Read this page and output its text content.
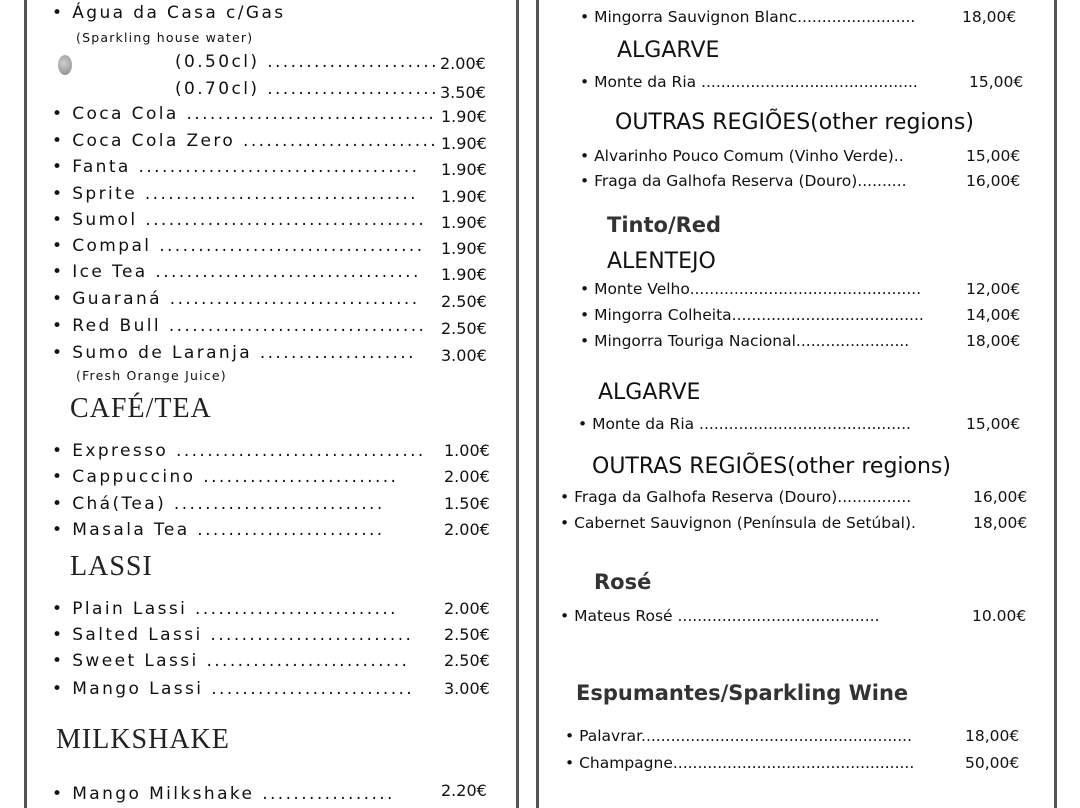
• Água da Casa c/Gas
(Sparkling house water)
(0.50cl) ...................... 2.00€
(0.70cl) ...................... 3.50€
• Coca Cola ................................ 1.90€
• Coca Cola Zero ......................... 1.90€
• Fanta .................................... 1.90€
• Sprite ................................... 1.90€
• Sumol .................................... 1.90€
• Compal .................................. 1.90€
• Ice Tea .................................. 1.90€
• Guaraná ................................ 2.50€
• Red Bull ................................. 2.50€
• Sumo de Laranja .................... 3.00€
(Fresh Orange Juice)
CAFÉ/TEA
• Expresso ................................ 1.00€
• Cappuccino .........................	2.00€
• Chá(Tea) ...........................	1.50€
• Masala Tea ........................	2.00€
LASSI
• Plain Lassi ..........................	2.00€
• Salted Lassi .......................... 2.50€
• Sweet Lassi .......................... 2.50€
• Mango Lassi .......................... 3.00€
MILKSHAKE
• Mango Milkshake .................	2.20€
• Mingorra Sauvignon Blanc........................	18,00€
ALGARVE
• Monte da Ria ............................................	15,00€
OUTRAS REGIÕES(other regions)
• Alvarinho Pouco Comum (Vinho Verde)..	15,00€
• Fraga da Galhofa Reserva (Douro)..........	16,00€
Tinto/Red
ALENTEJO
• Monte Velho...............................................	12,00€
• Mingorra Colheita.......................................	14,00€
• Mingorra Touriga Nacional.......................	18,00€
ALGARVE
• Monte da Ria ...........................................	15,00€
OUTRAS REGIÕES(other regions)
• Fraga da Galhofa Reserva (Douro)...............	16,00€
• Cabernet Sauvignon (Península de Setúbal).	18,00€
Rosé
• Mateus Rosé .........................................	10.00€
Espumantes/Sparkling Wine
• Palavrar.......................................................	18,00€
• Champagne.................................................	50,00€
